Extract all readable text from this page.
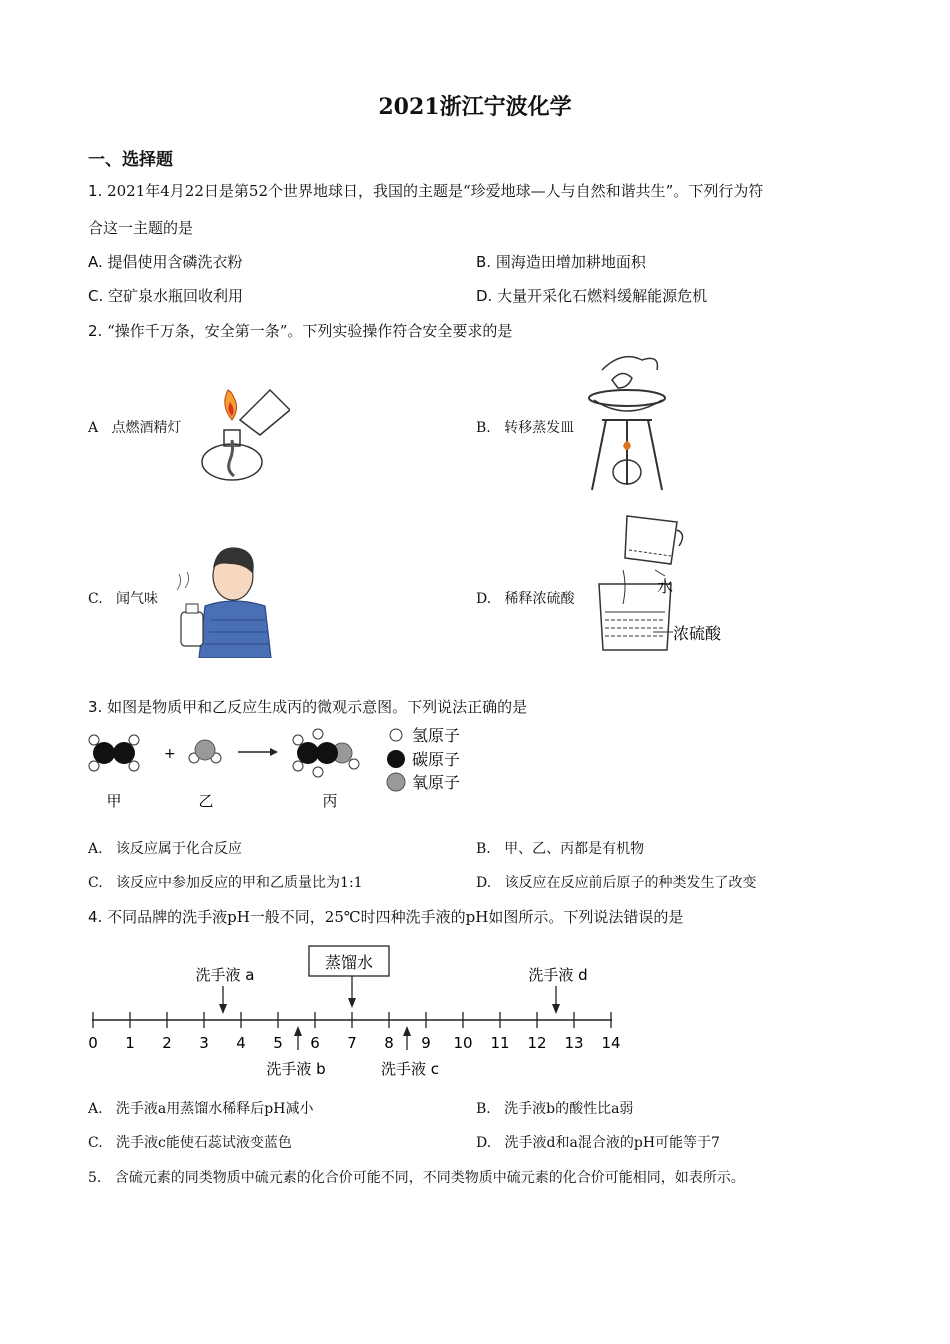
2021浙江宁波化学
一、选择题
1. 2021年4月22日是第52个世界地球日，我国的主题是“珍爱地球—人与自然和谐共生”。下列行为符
合这一主题的是
A. 提倡使用含磷洗衣粉	B. 围海造田增加耕地面积
C. 空矿泉水瓶回收利用	D. 大量开采化石燃料缓解能源危机
2. “操作千万条，安全第一条”。下列实验操作符合安全要求的是
A 点燃酒精灯	B. 转移蒸发皿
C. 闻气味	D. 稀释浓硫酸
水
浓硫酸
3. 如图是物质甲和乙反应生成丙的微观示意图。下列说法正确的是
+
甲	乙	丙
氢原子
碳原子
氧原子
A. 该反应属于化合反应	B. 甲、乙、丙都是有机物
C. 该反应中参加反应的甲和乙质量比为1:1	D. 该反应在反应前后原子的种类发生了改变
4. 不同品牌的洗手液pH一般不同，25℃时四种洗手液的pH如图所示。下列说法错误的是
0 1 2 3 4 5 6 7 8 9 10 11 12 13 14
洗手液 a
蒸馏水
洗手液 d
洗手液 b	洗手液 c
A. 洗手液a用蒸馏水稀释后pH减小	B. 洗手液b的酸性比a弱
C. 洗手液c能使石蕊试液变蓝色	D. 洗手液d和a混合液的pH可能等于7
5. 含硫元素的同类物质中硫元素的化合价可能不同，不同类物质中硫元素的化合价可能相同，如表所示。
